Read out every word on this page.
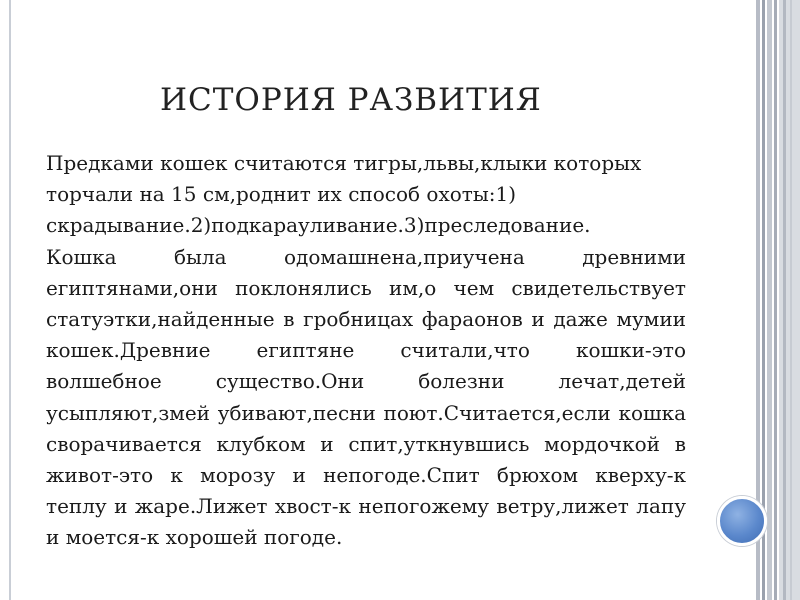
ИСТОРИЯ РАЗВИТИЯ

Предками кошек считаются тигры,львы,клыки которых торчали на 15 см,роднит их способ охоты:1) скрадывание.2)подкарауливание.3)преследование.

Кошка была одомашнена,приучена древними египтянами,они поклонялись им,о чем свидетельствует статуэтки,найденные в гробницах фараонов и даже мумии кошек.Древние египтяне считали,что кошки-это волшебное существо.Они болезни лечат,детей усыпляют,змей убивают,песни поют.Считается,если кошка сворачивается клубком и спит,уткнувшись мордочкой в живот-это к морозу и непогоде.Спит брюхом кверху-к теплу и жаре.Лижет хвост-к непогожему ветру,лижет лапу и моется-к хорошей погоде.
